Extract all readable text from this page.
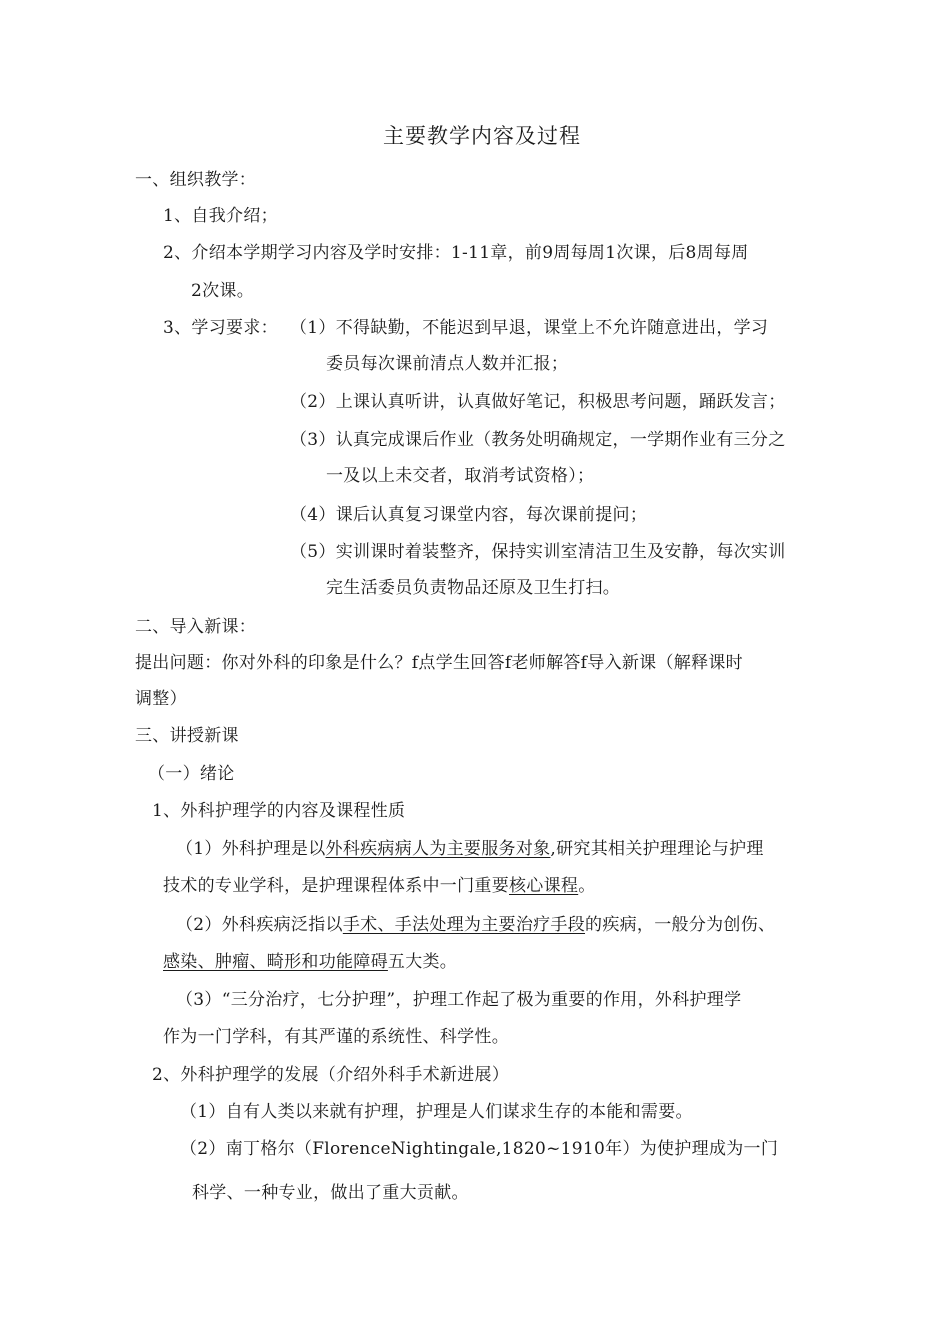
主要教学内容及过程
一、组织教学：
1、自我介绍；
2、介绍本学期学习内容及学时安排：1-11章，前9周每周1次课，后8周每周
2次课。
3、学习要求： （1）不得缺勤，不能迟到早退，课堂上不允许随意进出，学习
委员每次课前清点人数并汇报；
（2）上课认真听讲，认真做好笔记，积极思考问题，踊跃发言；
（3）认真完成课后作业（教务处明确规定，一学期作业有三分之
一及以上未交者，取消考试资格）；
（4）课后认真复习课堂内容，每次课前提问；
（5）实训课时着装整齐，保持实训室清洁卫生及安静，每次实训
完生活委员负责物品还原及卫生打扫。
二、导入新课：
提出问题：你对外科的印象是什么？f点学生回答f老师解答f导入新课（解释课时
调整）
三、讲授新课
（一）绪论
1、外科护理学的内容及课程性质
（1）外科护理是以外科疾病病人为主要服务对象,研究其相关护理理论与护理
技术的专业学科，是护理课程体系中一门重要核心课程。
（2）外科疾病泛指以手术、手法处理为主要治疗手段的疾病，一般分为创伤、
感染、肿瘤、畸形和功能障碍五大类。
（3）“三分治疗，七分护理”，护理工作起了极为重要的作用，外科护理学
作为一门学科，有其严谨的系统性、科学性。
2、外科护理学的发展（介绍外科手术新进展）
（1）自有人类以来就有护理，护理是人们谋求生存的本能和需要。
（2）南丁格尔（FlorenceNightingale,1820~1910年）为使护理成为一门
科学、一种专业，做出了重大贡献。
